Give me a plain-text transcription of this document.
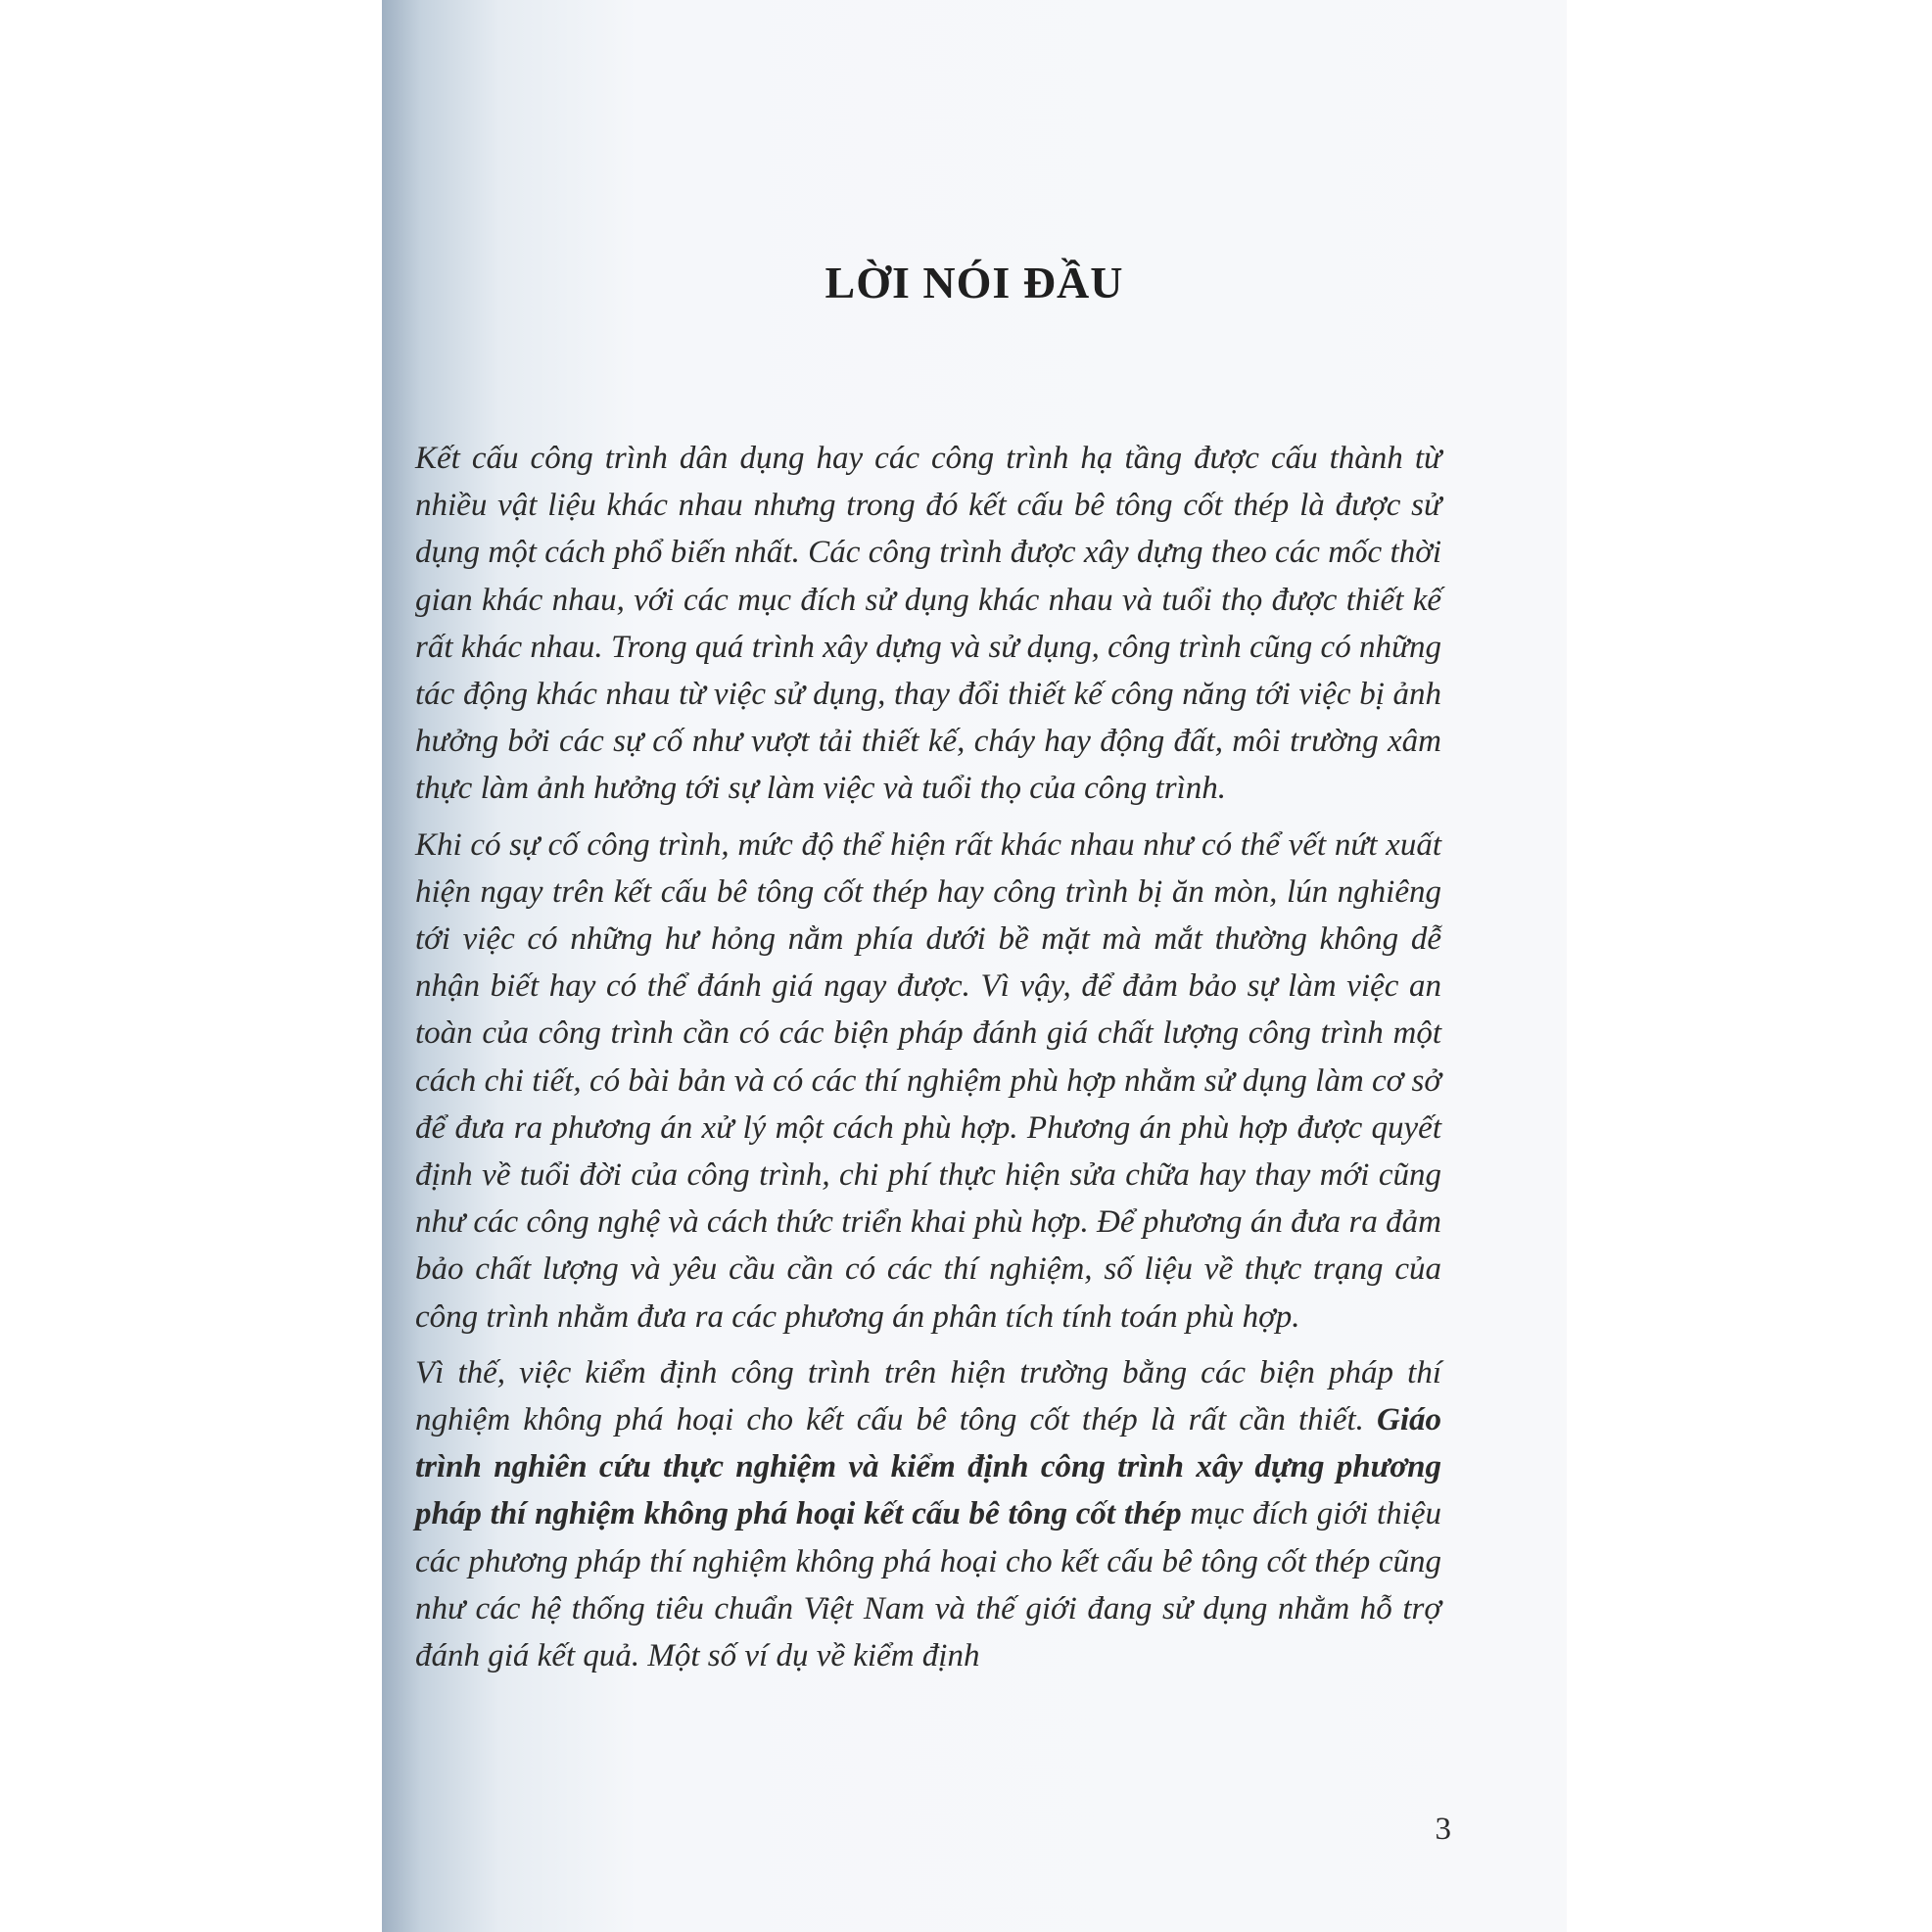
LỜI NÓI ĐẦU

Kết cấu công trình dân dụng hay các công trình hạ tầng được cấu thành từ nhiều vật liệu khác nhau nhưng trong đó kết cấu bê tông cốt thép là được sử dụng một cách phổ biến nhất. Các công trình được xây dựng theo các mốc thời gian khác nhau, với các mục đích sử dụng khác nhau và tuổi thọ được thiết kế rất khác nhau. Trong quá trình xây dựng và sử dụng, công trình cũng có những tác động khác nhau từ việc sử dụng, thay đổi thiết kế công năng tới việc bị ảnh hưởng bởi các sự cố như vượt tải thiết kế, cháy hay động đất, môi trường xâm thực làm ảnh hưởng tới sự làm việc và tuổi thọ của công trình.

Khi có sự cố công trình, mức độ thể hiện rất khác nhau như có thể vết nứt xuất hiện ngay trên kết cấu bê tông cốt thép hay công trình bị ăn mòn, lún nghiêng tới việc có những hư hỏng nằm phía dưới bề mặt mà mắt thường không dễ nhận biết hay có thể đánh giá ngay được. Vì vậy, để đảm bảo sự làm việc an toàn của công trình cần có các biện pháp đánh giá chất lượng công trình một cách chi tiết, có bài bản và có các thí nghiệm phù hợp nhằm sử dụng làm cơ sở để đưa ra phương án xử lý một cách phù hợp. Phương án phù hợp được quyết định về tuổi đời của công trình, chi phí thực hiện sửa chữa hay thay mới cũng như các công nghệ và cách thức triển khai phù hợp. Để phương án đưa ra đảm bảo chất lượng và yêu cầu cần có các thí nghiệm, số liệu về thực trạng của công trình nhằm đưa ra các phương án phân tích tính toán phù hợp.

Vì thế, việc kiểm định công trình trên hiện trường bằng các biện pháp thí nghiệm không phá hoại cho kết cấu bê tông cốt thép là rất cần thiết. Giáo trình nghiên cứu thực nghiệm và kiểm định công trình xây dựng phương pháp thí nghiệm không phá hoại kết cấu bê tông cốt thép mục đích giới thiệu các phương pháp thí nghiệm không phá hoại cho kết cấu bê tông cốt thép cũng như các hệ thống tiêu chuẩn Việt Nam và thế giới đang sử dụng nhằm hỗ trợ đánh giá kết quả. Một số ví dụ về kiểm định

3
